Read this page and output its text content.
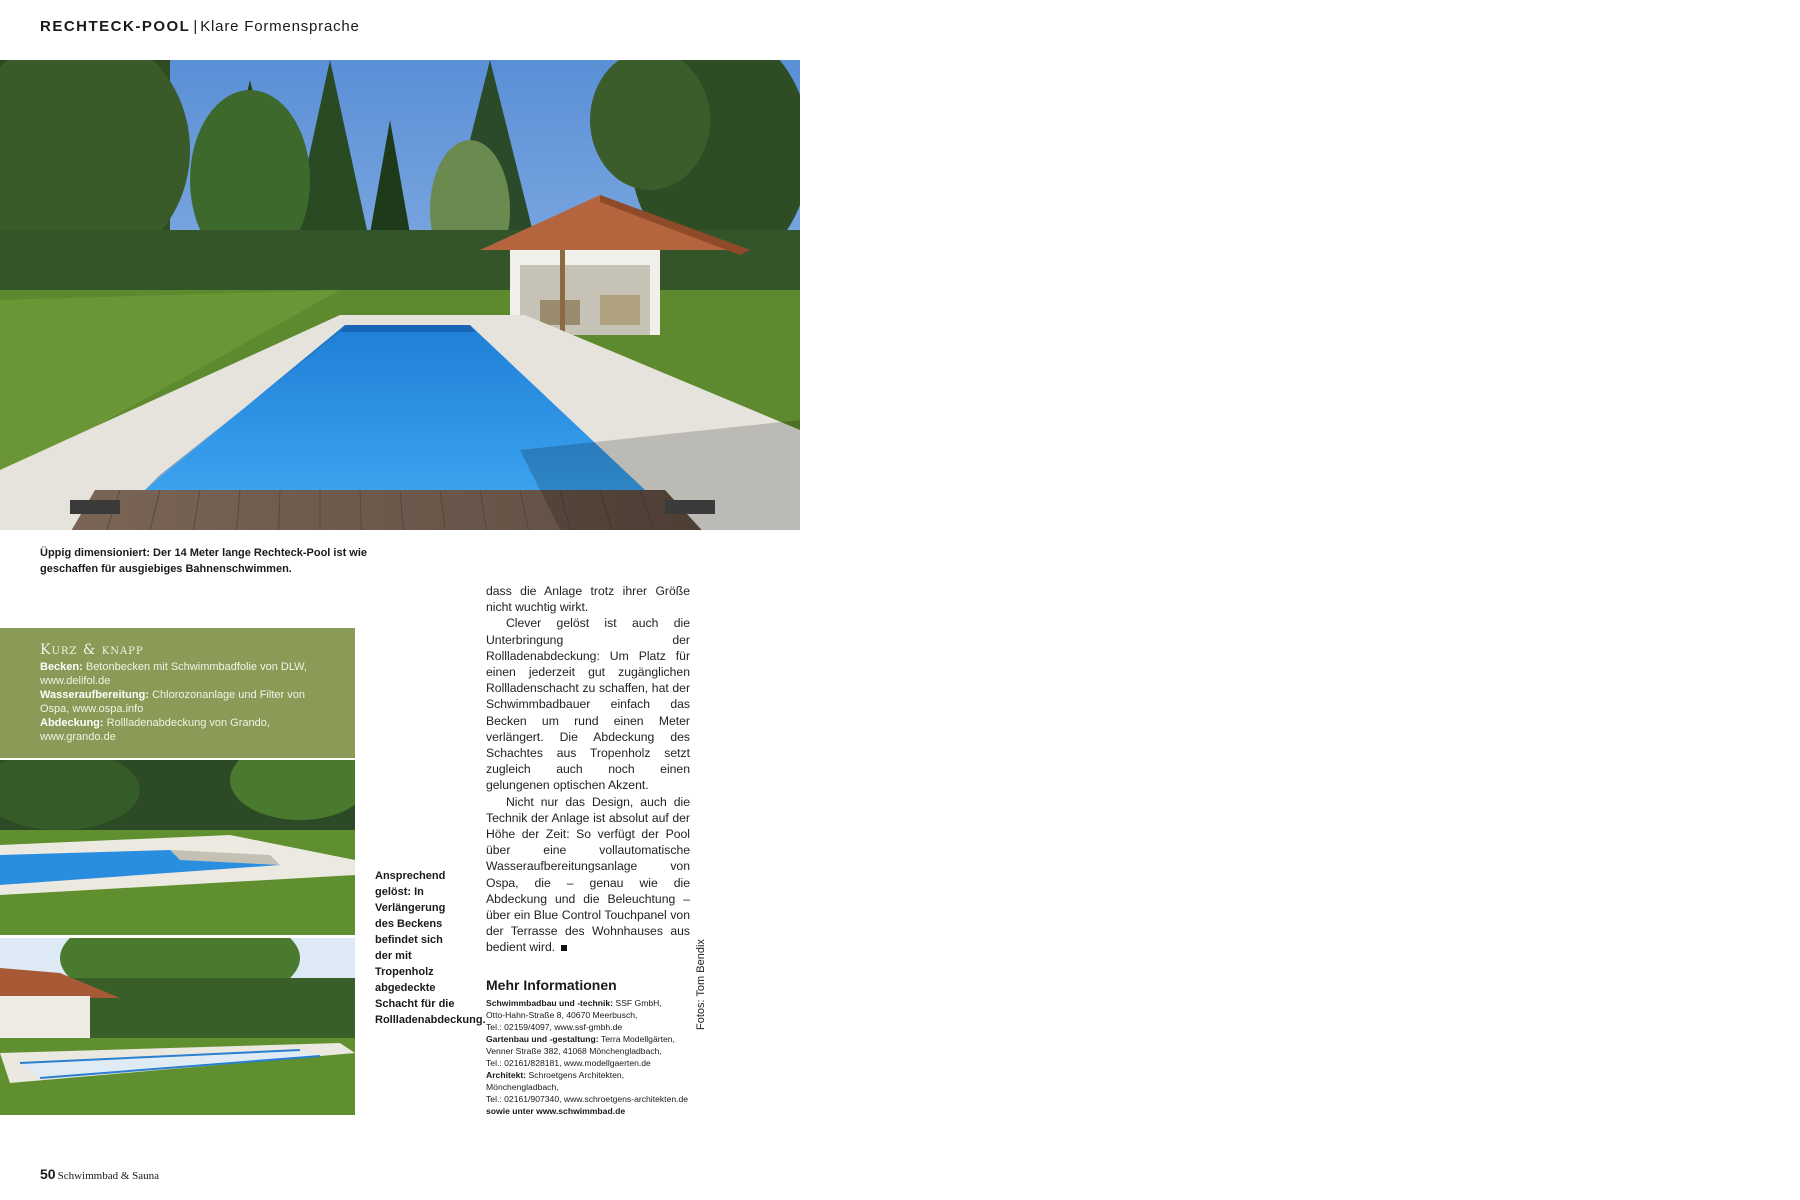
RECHTECK-POOL | Klare Formensprache
Üppig dimensioniert: Der 14 Meter lange Rechteck-Pool ist wie geschaffen für ausgiebiges Bahnenschwimmen.
Kurz & knapp

Becken: Betonbecken mit Schwimmbadfolie von DLW, www.delifol.de

Wasseraufbereitung: Chlorozonanlage und Filter von Ospa, www.ospa.info

Abdeckung: Rollladenabdeckung von Grando, www.grando.de

Ansprechend gelöst: In Verlängerung des Beckens befindet sich der mit Tropenholz abgedeckte Schacht für die Rollladenabdeckung.

dass die Anlage trotz ihrer Größe nicht wuchtig wirkt.

Clever gelöst ist auch die Unterbringung der Rollladenabdeckung: Um Platz für einen jederzeit gut zugänglichen Rollladenschacht zu schaffen, hat der Schwimmbadbauer einfach das Becken um rund einen Meter verlängert. Die Abdeckung des Schachtes aus Tropenholz setzt zugleich auch noch einen gelungenen optischen Akzent.

Nicht nur das Design, auch die Technik der Anlage ist absolut auf der Höhe der Zeit: So verfügt der Pool über eine vollautomatische Wasseraufbereitungsanlage von Ospa, die – genau wie die Abdeckung und die Beleuchtung – über ein Blue Control Touchpanel von der Terrasse des Wohnhauses aus bedient wird.	Fotos: Tom Bendix
Mehr Informationen

Schwimmbadbau und -technik: SSF GmbH,
Otto-Hahn-Straße 8, 40670 Meerbusch,
Tel.: 02159/4097, www.ssf-gmbh.de

Gartenbau und -gestaltung: Terra Modellgärten,
Venner Straße 382, 41068 Mönchengladbach,
Tel.: 02161/828181, www.modellgaerten.de

Architekt: Schroetgens Architekten,
Mönchengladbach,
Tel.: 02161/907340, www.schroetgens-architekten.de

sowie unter www.schwimmbad.de

50 Schwimmbad & Sauna
